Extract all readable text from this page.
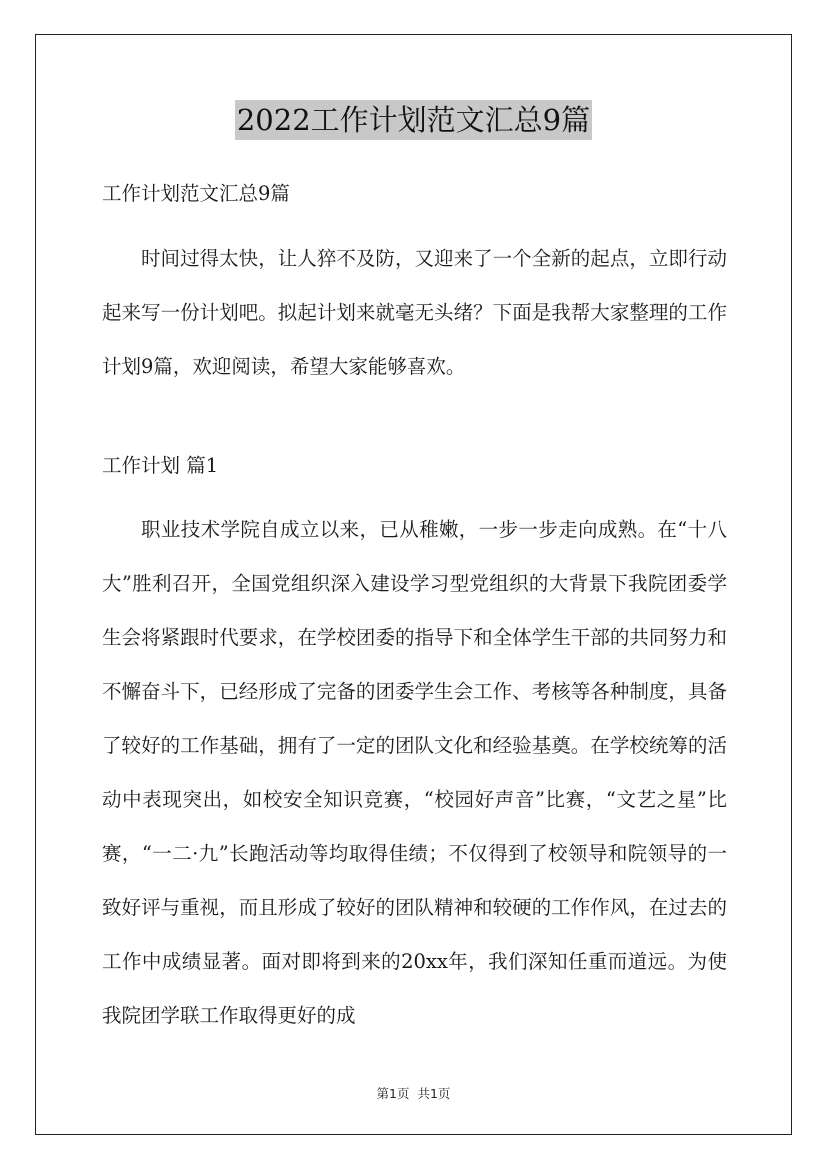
2022工作计划范文汇总9篇
工作计划范文汇总9篇
时间过得太快，让人猝不及防，又迎来了一个全新的起点，立即行动起来写一份计划吧。拟起计划来就毫无头绪？下面是我帮大家整理的工作计划9篇，欢迎阅读，希望大家能够喜欢。
工作计划 篇1
职业技术学院自成立以来，已从稚嫩，一步一步走向成熟。在“十八大”胜利召开，全国党组织深入建设学习型党组织的大背景下我院团委学生会将紧跟时代要求，在学校团委的指导下和全体学生干部的共同努力和不懈奋斗下，已经形成了完备的团委学生会工作、考核等各种制度，具备了较好的工作基础，拥有了一定的团队文化和经验基奠。在学校统筹的活动中表现突出，如校安全知识竞赛，“校园好声音”比赛，“文艺之星”比赛，“一二·九”长跑活动等均取得佳绩；不仅得到了校领导和院领导的一致好评与重视，而且形成了较好的团队精神和较硬的工作作风，在过去的工作中成绩显著。面对即将到来的20xx年，我们深知任重而道远。为使我院团学联工作取得更好的成
第1页 共1页
